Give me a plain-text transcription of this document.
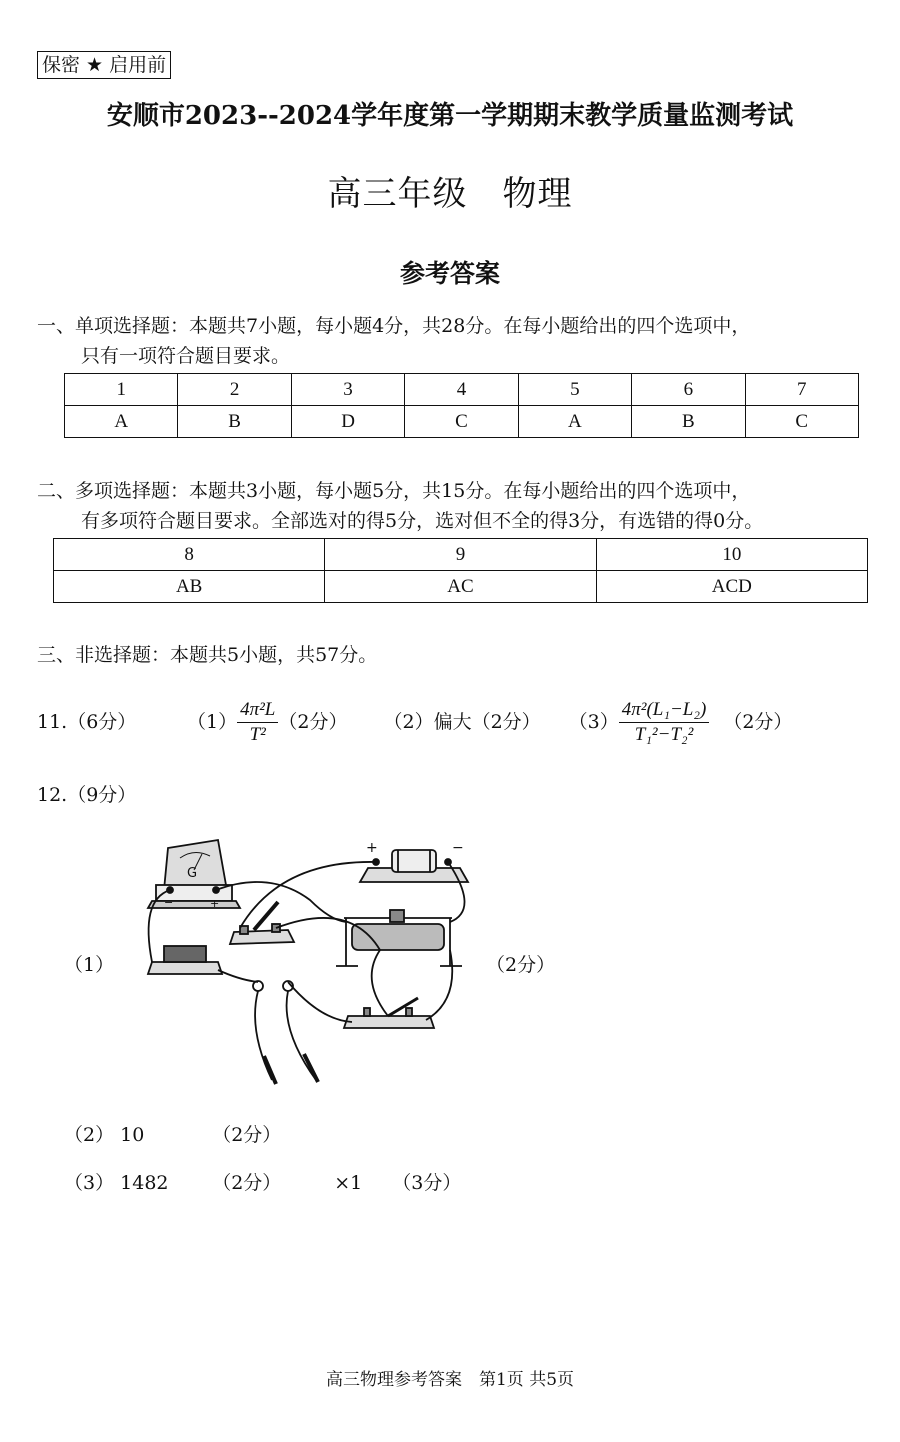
保密 ★ 启用前
安顺市2023--2024学年度第一学期期末教学质量监测考试
高三年级　物理
参考答案
一、单项选择题：本题共7小题，每小题4分，共28分。在每小题给出的四个选项中，
只有一项符合题目要求。
1	2	3	4	5	6	7
A	B	D	C	A	B	C
二、多项选择题：本题共3小题，每小题5分，共15分。在每小题给出的四个选项中，
有多项符合题目要求。全部选对的得5分，选对但不全的得3分，有选错的得0分。
8	9	10
AB	AC	ACD
三、非选择题：本题共5小题，共57分。
11.（6分）	$(1) \frac{\text{4π²L}}{\text{T²}} (2$分） （2）偏大（2分） $(3) \frac{\text{4π²(L₁−L₂)}}{\text{T₁²−T₂²}} (2$分）
12.（9分）
（1）	（2分）
G
−	+
+	−
（2） 10	（2分）
（3） 1482 （2分）	×1 （3分）
高三物理参考答案　第1页 共5页
